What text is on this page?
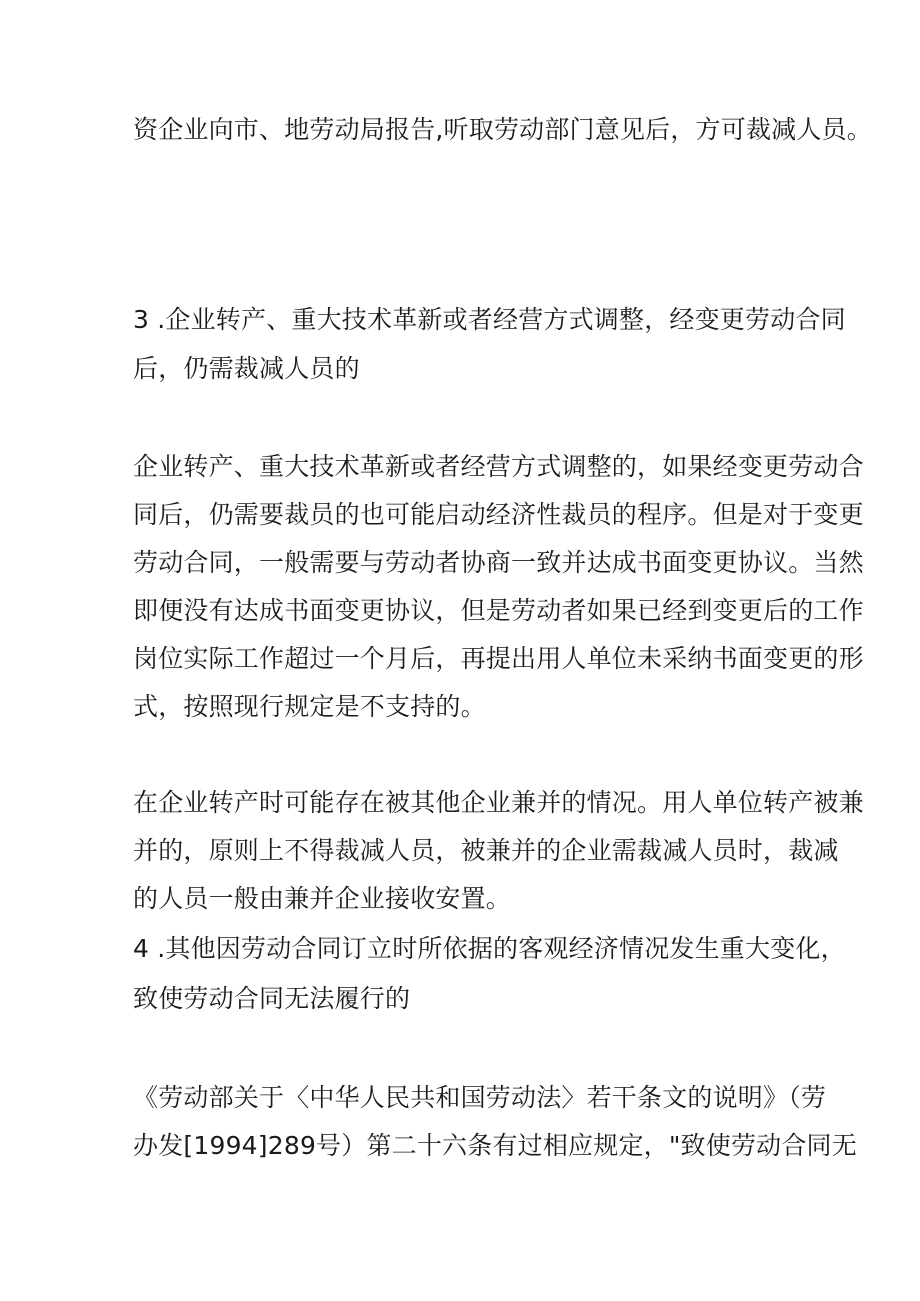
资企业向市、地劳动局报告,听取劳动部门意见后，方可裁减人员。
3 .企业转产、重大技术革新或者经营方式调整，经变更劳动合同
后，仍需裁减人员的
企业转产、重大技术革新或者经营方式调整的，如果经变更劳动合
同后，仍需要裁员的也可能启动经济性裁员的程序。但是对于变更
劳动合同，一般需要与劳动者协商一致并达成书面变更协议。当然
即便没有达成书面变更协议，但是劳动者如果已经到变更后的工作
岗位实际工作超过一个月后，再提出用人单位未采纳书面变更的形
式，按照现行规定是不支持的。
在企业转产时可能存在被其他企业兼并的情况。用人单位转产被兼
并的，原则上不得裁减人员，被兼并的企业需裁减人员时，裁减
的人员一般由兼并企业接收安置。
4 .其他因劳动合同订立时所依据的客观经济情况发生重大变化，
致使劳动合同无法履行的
《劳动部关于〈中华人民共和国劳动法〉若干条文的说明》（劳
办发[1994]289号）第二十六条有过相应规定，"致使劳动合同无
